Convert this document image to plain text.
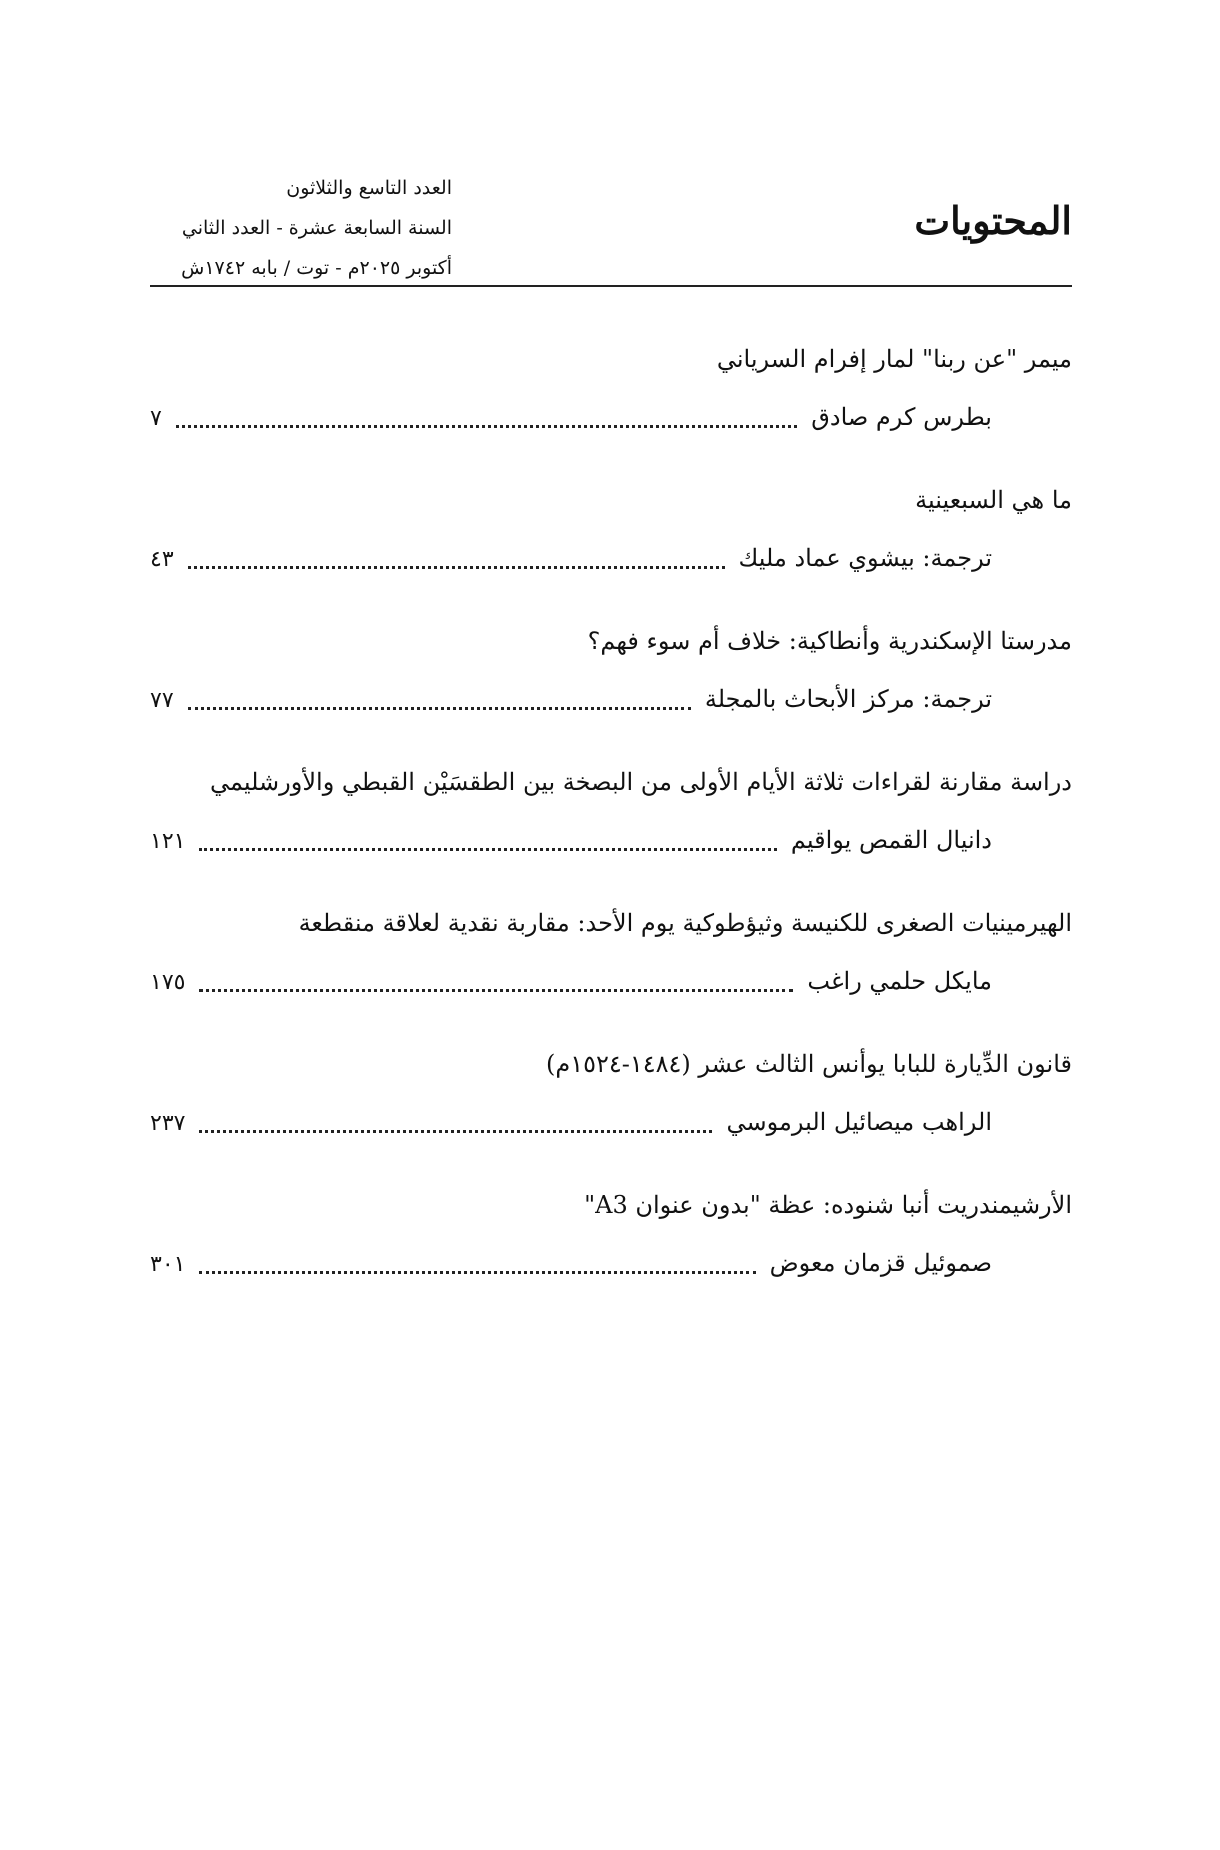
المحتويات
العدد التاسع والثلاثون
السنة السابعة عشرة - العدد الثاني
أكتوبر ٢٠٢٥م - توت / بابه ١٧٤٢ش
ميمر "عن ربنا" لمار إفرام السرياني
بطرس كرم صادق
٧
ما هي السبعينية
ترجمة: بيشوي عماد مليك
٤٣
مدرستا الإسكندرية وأنطاكية: خلاف أم سوء فهم؟
ترجمة: مركز الأبحاث بالمجلة
٧٧
دراسة مقارنة لقراءات ثلاثة الأيام الأولى من البصخة بين الطقسَيْن القبطي والأورشليمي
دانيال القمص يواقيم
١٢١
الهيرمينيات الصغرى للكنيسة وثيؤطوكية يوم الأحد: مقاربة نقدية لعلاقة منقطعة
مايكل حلمي راغب
١٧٥
قانون الدِّيارة للبابا يوأنس الثالث عشر (١٤٨٤-١٥٢٤م)
الراهب ميصائيل البرموسي
٢٣٧
الأرشيمندريت أنبا شنوده: عظة "بدون عنوان A3"
صموئيل قزمان معوض
٣٠١
